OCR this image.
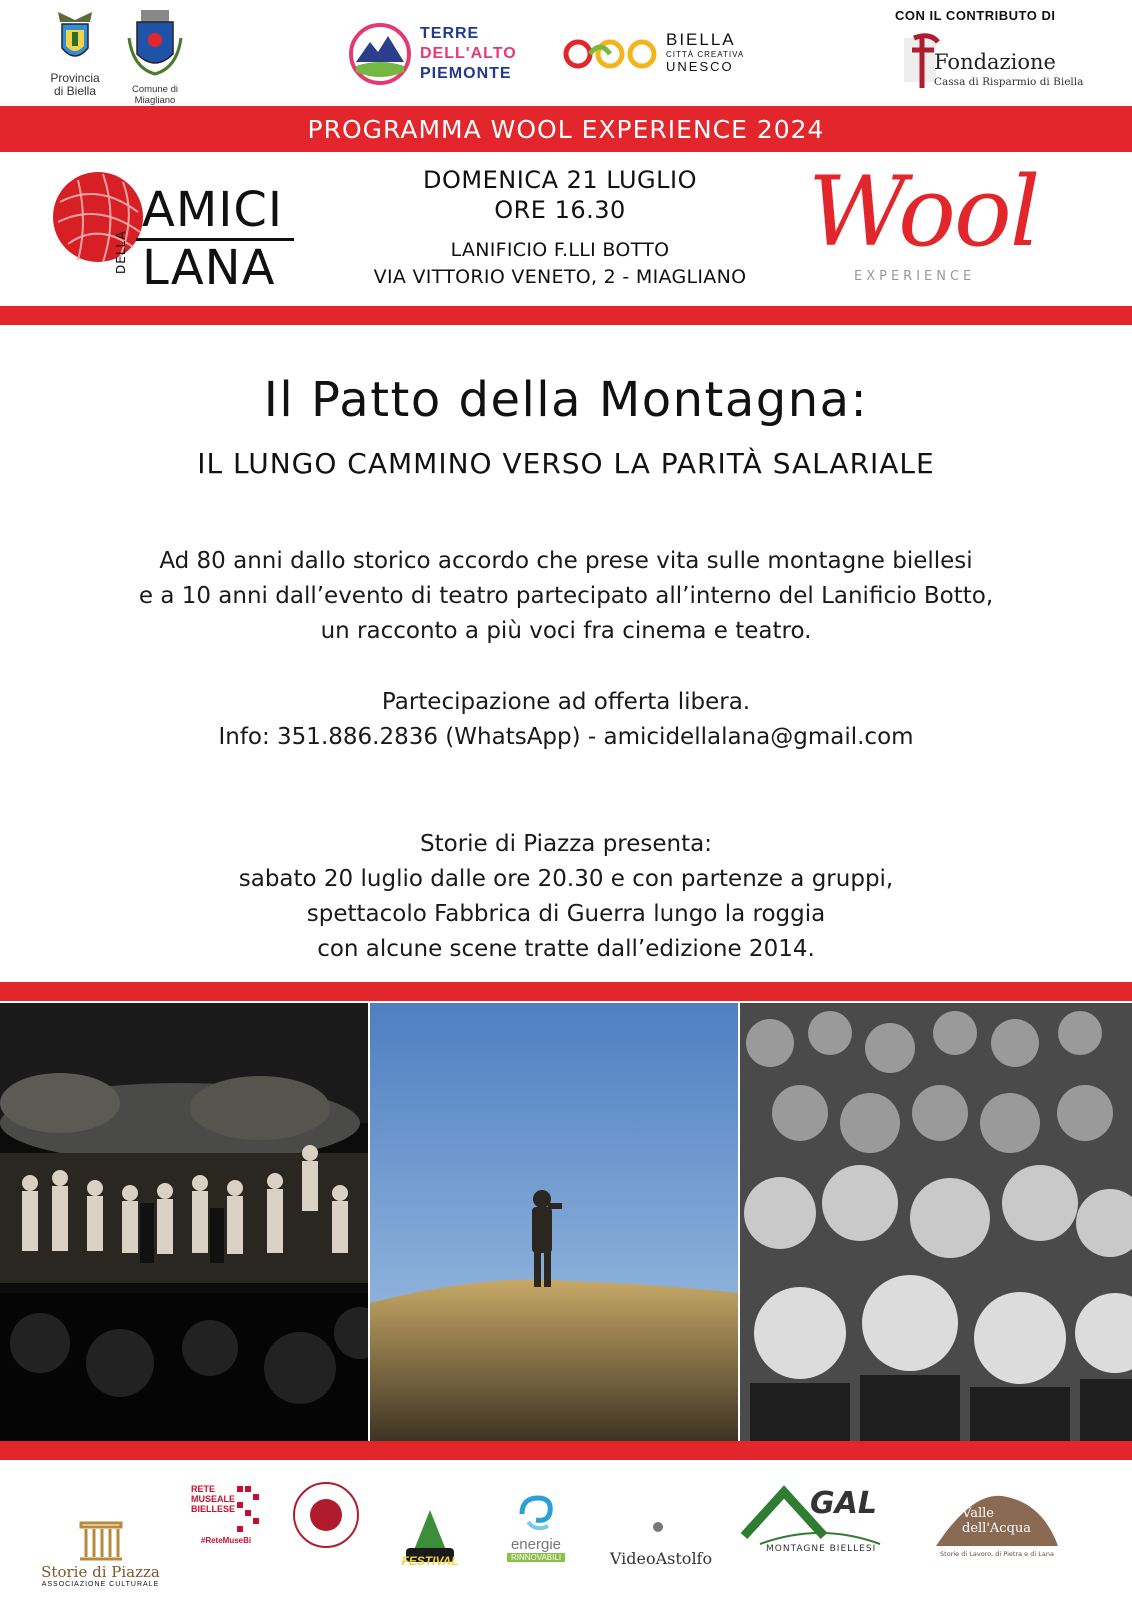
Provincia
di Biella	Comune di Miagliano
TERRE
DELL'ALTO
PIEMONTE
BIELLA
CITTÀ CREATIVA
UNESCO
CON IL CONTRIBUTO DI
Fondazione
Cassa di Risparmio di Biella
PROGRAMMA WOOL EXPERIENCE 2024
AMICI
DELLA LANA
DOMENICA 21 LUGLIO
ORE 16.30
LANIFICIO F.LLI BOTTO
VIA VITTORIO VENETO, 2 - MIAGLIANO
Wool
EXPERIENCE
Il Patto della Montagna:
IL LUNGO CAMMINO VERSO LA PARITÀ SALARIALE
Ad 80 anni dallo storico accordo che prese vita sulle montagne biellesi
e a 10 anni dall’evento di teatro partecipato all’interno del Lanificio Botto,
un racconto a più voci fra cinema e teatro.
Partecipazione ad offerta libera.
Info: 351.886.2836 (WhatsApp) - amicidellalana@gmail.com
Storie di Piazza presenta:
sabato 20 luglio dalle ore 20.30 e con partenze a gruppi,
spettacolo Fabbrica di Guerra lungo la roggia
con alcune scene tratte dall’edizione 2014.
Storie di Piazza
ASSOCIAZIONE CULTURALE
RETE
MUSEALE
BIELLESE
#ReteMuseBi
FESTIVAL
energie
RINNOVABILI	VideoAstolfo
GAL
MONTAGNE BIELLESI
Valle dell'Acqua
Storie di Lavoro, di Pietra e di Lana
